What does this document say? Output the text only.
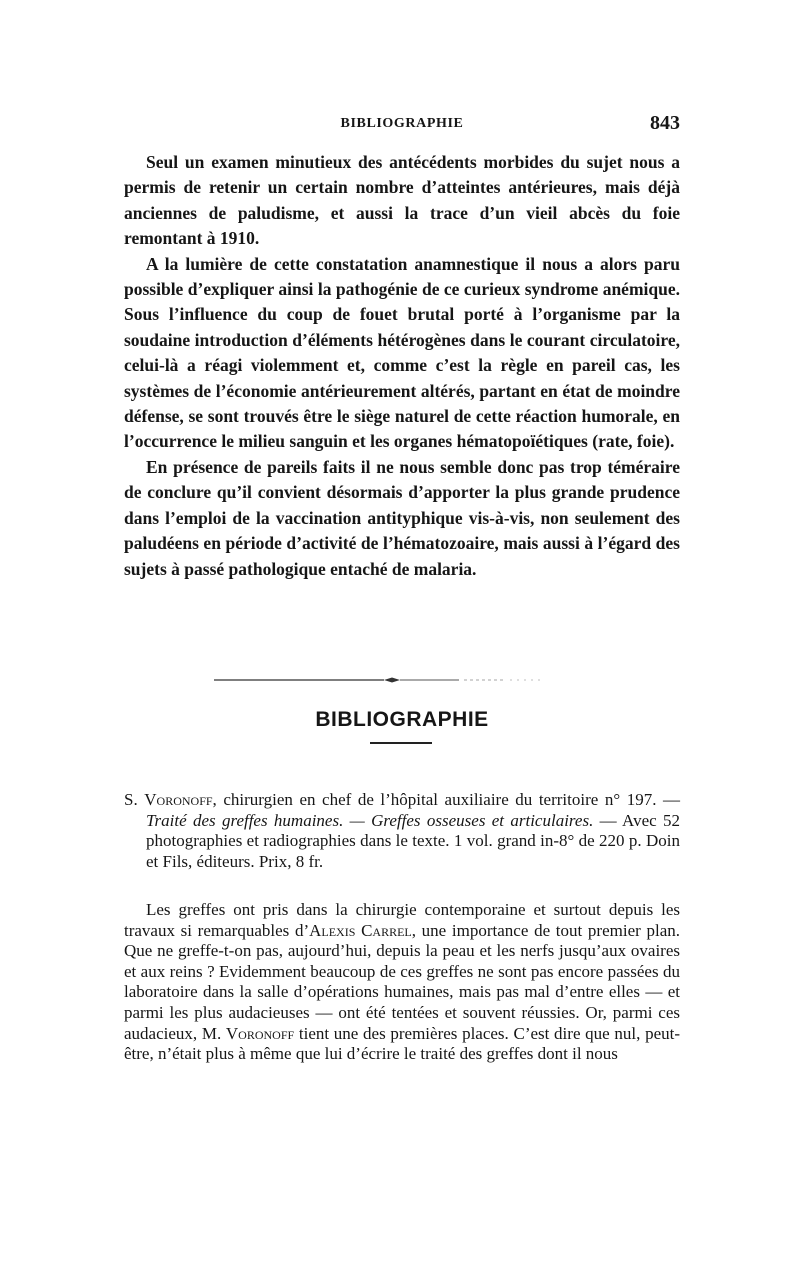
BIBLIOGRAPHIE	843

Seul un examen minutieux des antécédents morbides du sujet nous a permis de retenir un certain nombre d’atteintes antérieures, mais déjà anciennes de paludisme, et aussi la trace d’un vieil abcès du foie remontant à 1910.

A la lumière de cette constatation anamnestique il nous a alors paru possible d’expliquer ainsi la pathogénie de ce curieux syndrome anémique. Sous l’influence du coup de fouet brutal porté à l’organisme par la soudaine introduction d’éléments hétérogènes dans le courant circulatoire, celui-là a réagi violemment et, comme c’est la règle en pareil cas, les systèmes de l’économie antérieurement altérés, partant en état de moindre défense, se sont trouvés être le siège naturel de cette réaction humorale, en l’occurrence le milieu sanguin et les organes hématopoïétiques (rate, foie).

En présence de pareils faits il ne nous semble donc pas trop téméraire de conclure qu’il convient désormais d’apporter la plus grande prudence dans l’emploi de la vaccination antityphique vis-à-vis, non seulement des paludéens en période d’activité de l’hématozoaire, mais aussi à l’égard des sujets à passé pathologique entaché de malaria.

BIBLIOGRAPHIE

S. Voronoff, chirurgien en chef de l’hôpital auxiliaire du territoire n° 197. — Traité des greffes humaines. — Greffes osseuses et articulaires. — Avec 52 photographies et radiographies dans le texte. 1 vol. grand in-8° de 220 p. Doin et Fils, éditeurs. Prix, 8 fr.

Les greffes ont pris dans la chirurgie contemporaine et surtout depuis les travaux si remarquables d’Alexis Carrel, une importance de tout premier plan. Que ne greffe-t-on pas, aujourd’hui, depuis la peau et les nerfs jusqu’aux ovaires et aux reins ? Evidemment beaucoup de ces greffes ne sont pas encore passées du laboratoire dans la salle d’opérations humaines, mais pas mal d’entre elles — et parmi les plus audacieuses — ont été tentées et souvent réussies. Or, parmi ces audacieux, M. Voronoff tient une des premières places. C’est dire que nul, peut-être, n’était plus à même que lui d’écrire le traité des greffes dont il nous
